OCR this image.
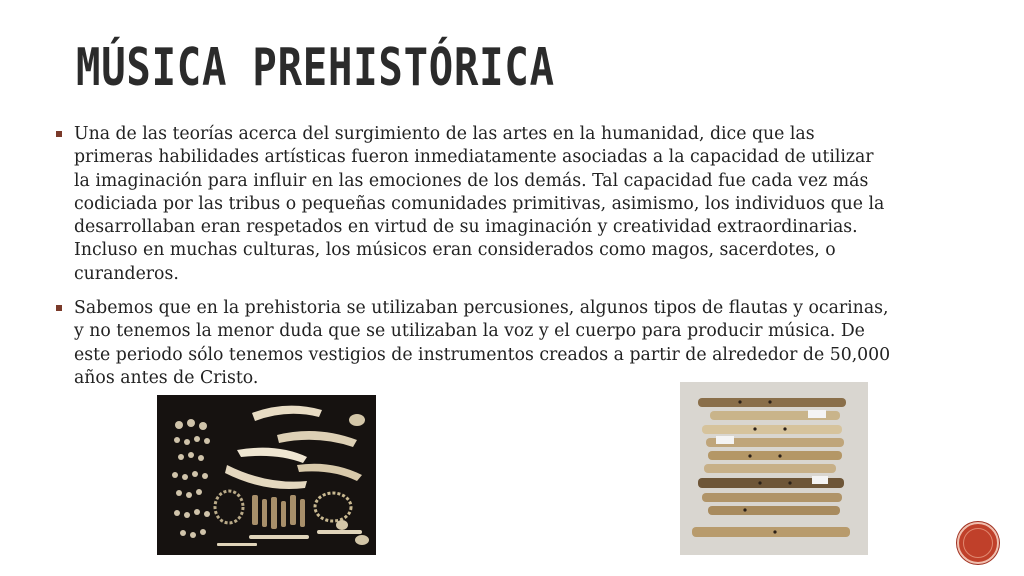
MÚSICA PREHISTÓRICA
Una de las teorías acerca del surgimiento de las artes en la humanidad, dice que las primeras habilidades artísticas fueron inmediatamente asociadas a la capacidad de utilizar la imaginación para influir en las emociones de los demás. Tal capacidad fue cada vez más codiciada por las tribus o pequeñas comunidades primitivas, asimismo, los individuos que la desarrollaban eran respetados en virtud de su imaginación y creatividad extraordinarias. Incluso en muchas culturas, los músicos eran considerados como magos, sacerdotes, o curanderos.
Sabemos que en la prehistoria se utilizaban percusiones, algunos tipos de flautas y ocarinas, y no tenemos la menor duda que se utilizaban la voz y el cuerpo para producir música. De este periodo sólo tenemos vestigios de instrumentos creados a partir de alrededor de 50,000 años antes de Cristo.
